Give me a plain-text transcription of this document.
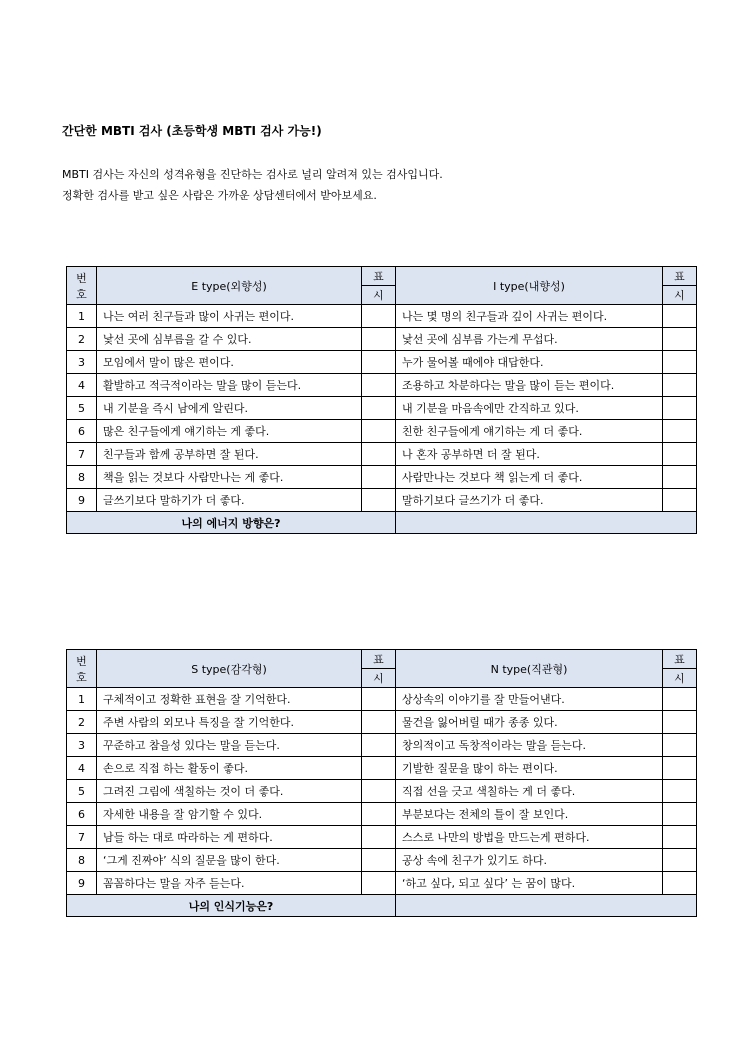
간단한 MBTI 검사 (초등학생 MBTI 검사 가능!)
MBTI 검사는 자신의 성격유형을 진단하는 검사로 널리 알려져 있는 검사입니다.
정확한 검사를 받고 싶은 사람은 가까운 상담센터에서 받아보세요.
번
호	E type(외향성)	표	I type(내향성)	표
		시		시
1	나는 여러 친구들과 많이 사귀는 편이다.		나는 몇 명의 친구들과 깊이 사귀는 편이다.	
2	낯선 곳에 심부름을 갈 수 있다.		낯선 곳에 심부름 가는게 무섭다.	
3	모임에서 말이 많은 편이다.		누가 물어볼 때에야 대답한다.	
4	활발하고 적극적이라는 말을 많이 듣는다.		조용하고 차분하다는 말을 많이 듣는 편이다.	
5	내 기분을 즉시 남에게 알린다.		내 기분을 마음속에만 간직하고 있다.	
6	많은 친구들에게 얘기하는 게 좋다.		친한 친구들에게 얘기하는 게 더 좋다.	
7	친구들과 함께 공부하면 잘 된다.		나 혼자 공부하면 더 잘 된다.	
8	책을 읽는 것보다 사람만나는 게 좋다.		사람만나는 것보다 책 읽는게 더 좋다.	
9	글쓰기보다 말하기가 더 좋다.		말하기보다 글쓰기가 더 좋다.	
나의 에너지 방향은?				
번
호	S type(감각형)	표	N type(직관형)	표
		시		시
1	구체적이고 정확한 표현을 잘 기억한다.		상상속의 이야기를 잘 만들어낸다.	
2	주변 사람의 외모나 특징을 잘 기억한다.		물건을 잃어버릴 때가 종종 있다.	
3	꾸준하고 참을성 있다는 말을 듣는다.		창의적이고 독창적이라는 말을 듣는다.	
4	손으로 직접 하는 활동이 좋다.		기발한 질문을 많이 하는 편이다.	
5	그려진 그림에 색칠하는 것이 더 좋다.		직접 선을 긋고 색칠하는 게 더 좋다.	
6	자세한 내용을 잘 암기할 수 있다.		부분보다는 전체의 틀이 잘 보인다.	
7	남들 하는 대로 따라하는 게 편하다.		스스로 나만의 방법을 만드는게 편하다.	
8	‘그게 진짜야’ 식의 질문을 많이 한다.		공상 속에 친구가 있기도 하다.	
9	꼼꼼하다는 말을 자주 듣는다.		‘하고 싶다, 되고 싶다’ 는 꿈이 많다.	
나의 인식기능은?				
